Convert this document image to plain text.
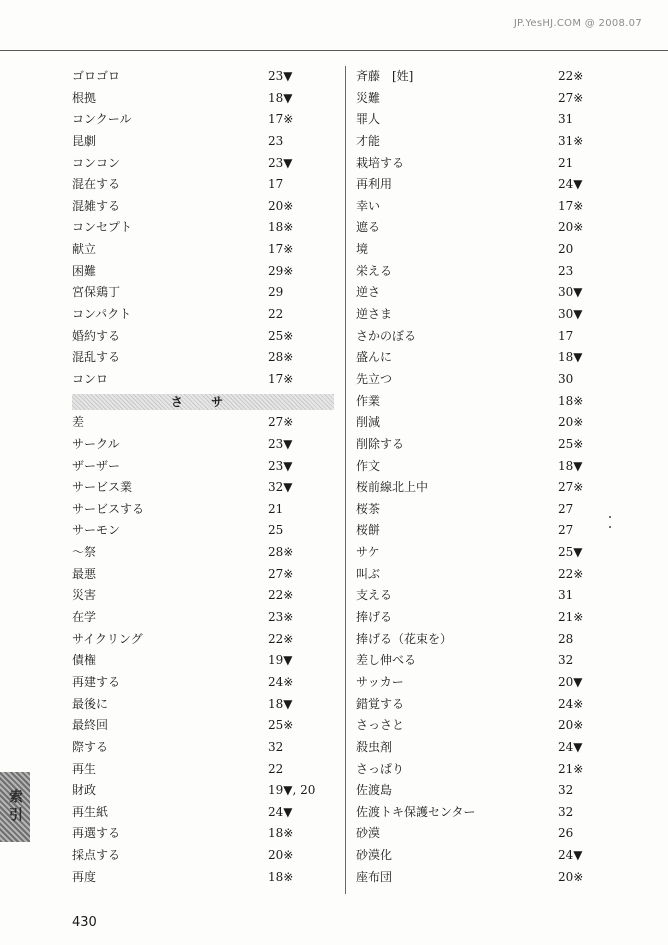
JP.YesHJ.COM @ 2008.07
ゴロゴロ	23▼
根拠	18▼
コンクール	17※
昆劇	23
コンコン	23▼
混在する	17
混雑する	20※
コンセプト	18※
献立	17※
困難	29※
宮保鶏丁	29
コンパクト	22
婚約する	25※
混乱する	28※
コンロ	17※
さ サ
差	27※
サークル	23▼
ザーザー	23▼
サービス業	32▼
サービスする	21
サーモン	25
～祭	28※
最悪	27※
災害	22※
在学	23※
サイクリング	22※
債権	19▼
再建する	24※
最後に	18▼
最終回	25※
際する	32
再生	22
財政	19▼, 20
再生紙	24▼
再選する	18※
採点する	20※
再度	18※
斉藤　[姓]	22※
災難	27※
罪人	31
才能	31※
栽培する	21
再利用	24▼
幸い	17※
遮る	20※
境	20
栄える	23
逆さ	30▼
逆さま	30▼
さかのぼる	17
盛んに	18▼
先立つ	30
作業	18※
削減	20※
削除する	25※
作文	18▼
桜前線北上中	27※
桜茶	27
桜餅	27
サケ	25▼
叫ぶ	22※
支える	31
捧げる	21※
捧げる（花束を）	28
差し伸べる	32
サッカー	20▼
錯覚する	24※
さっさと	20※
殺虫剤	24▼
さっぱり	21※
佐渡島	32
佐渡トキ保護センター	32
砂漠	26
砂漠化	24▼
座布団	20※
索引
430
